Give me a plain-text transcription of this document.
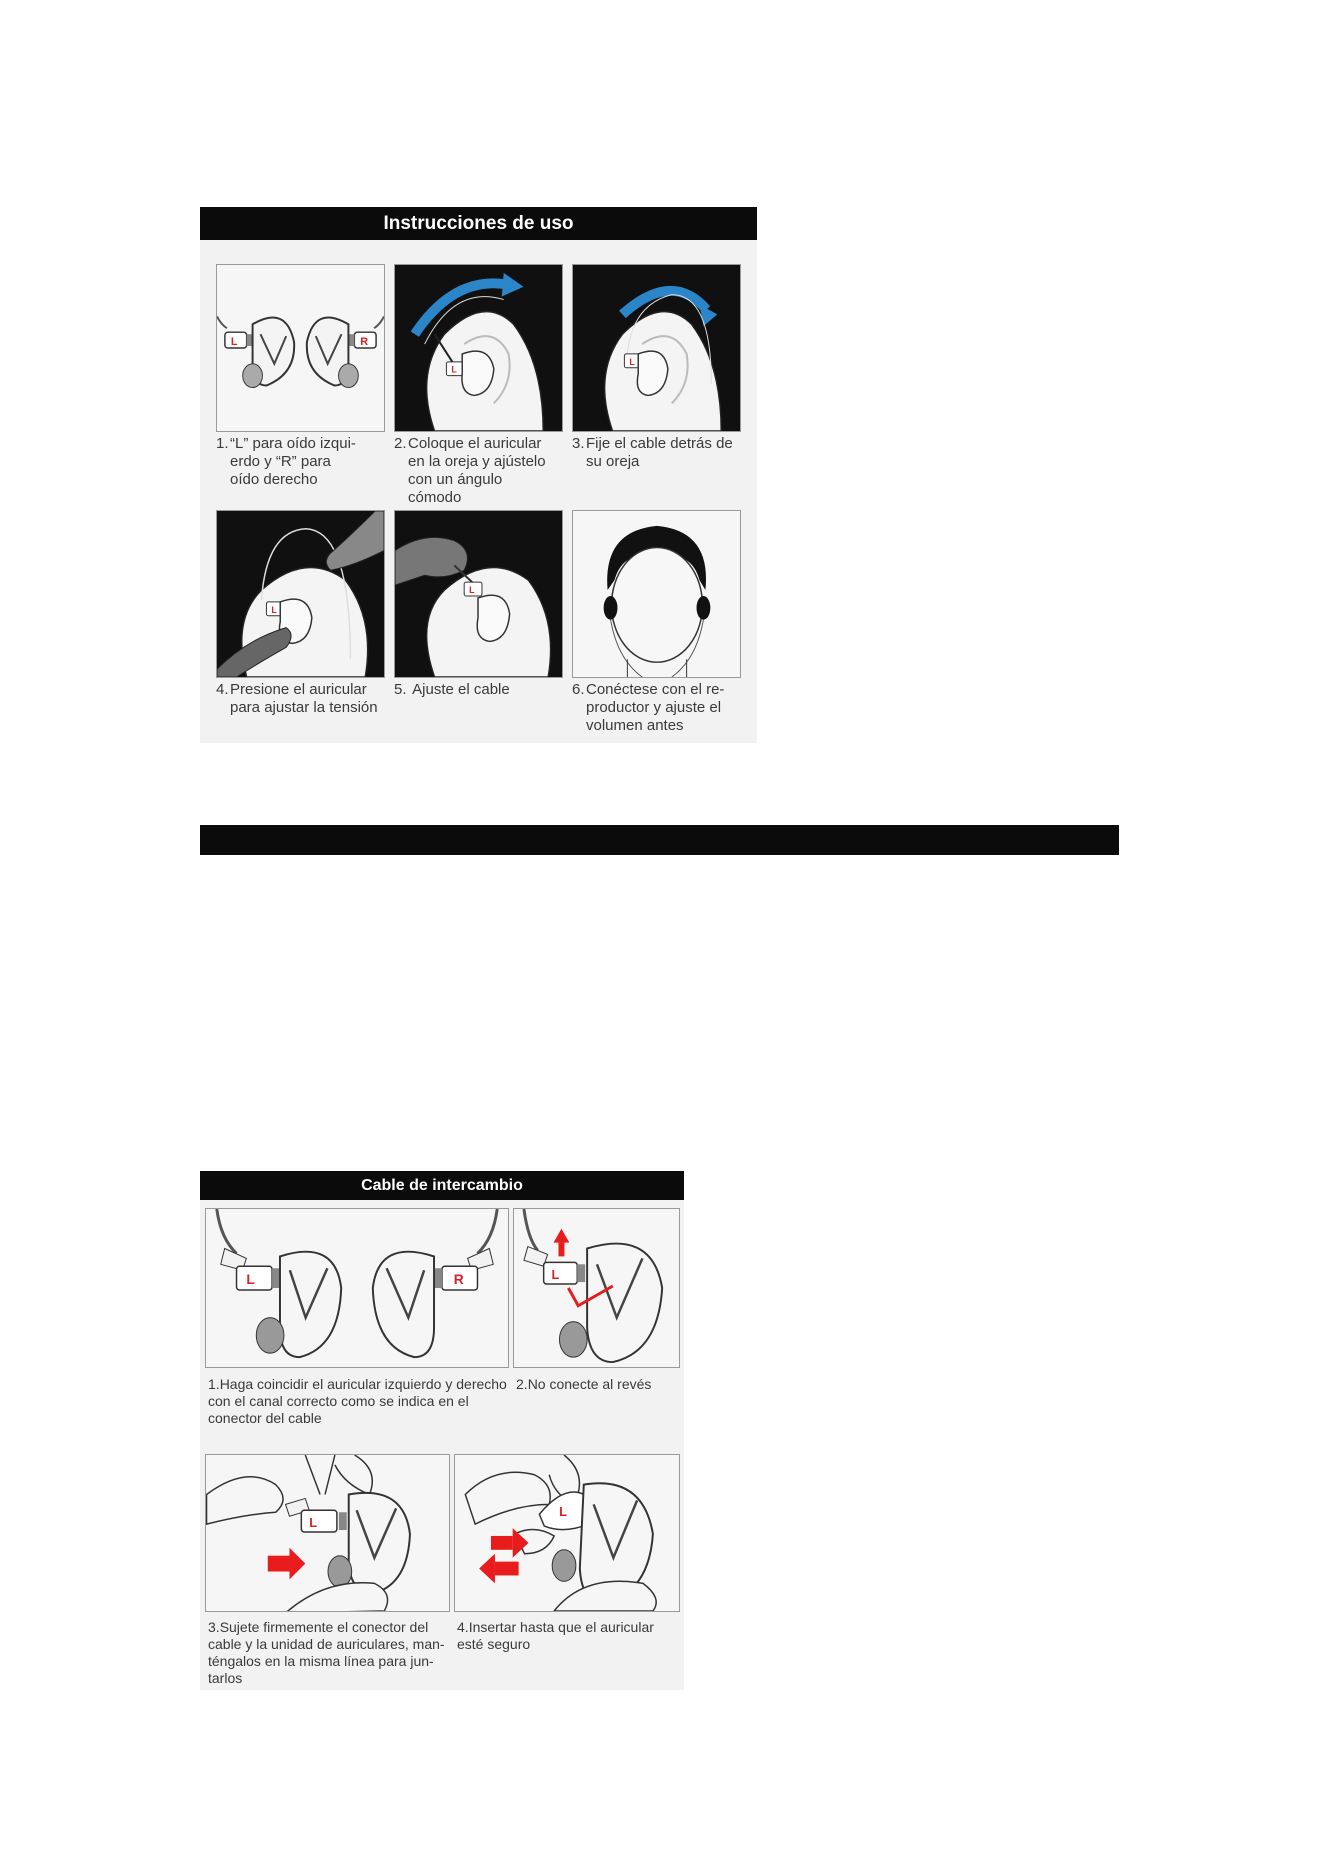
Instrucciones de uso
L	R
1.“L” para oído izqui-
erdo y “R” para
oído derecho
L
2.Coloque el auricular
en la oreja y ajústelo
con un ángulo
cómodo
L
3.Fije el cable detrás de
su oreja
L
4.Presione el auricular
para ajustar la tensión
L
5. Ajuste el cable	6.Conéctese con el re-
productor y ajuste el
volumen antes
Cable de intercambio
L	R	L
1.Haga coincidir el auricular izquierdo y derecho con el canal correcto como se indica en el conector del cable
2.No conecte al revés
L
L
3.Sujete firmemente el conector del cable y la unidad de auriculares, man- téngalos en la misma línea para jun- tarlos
4.Insertar hasta que el auricular esté seguro
